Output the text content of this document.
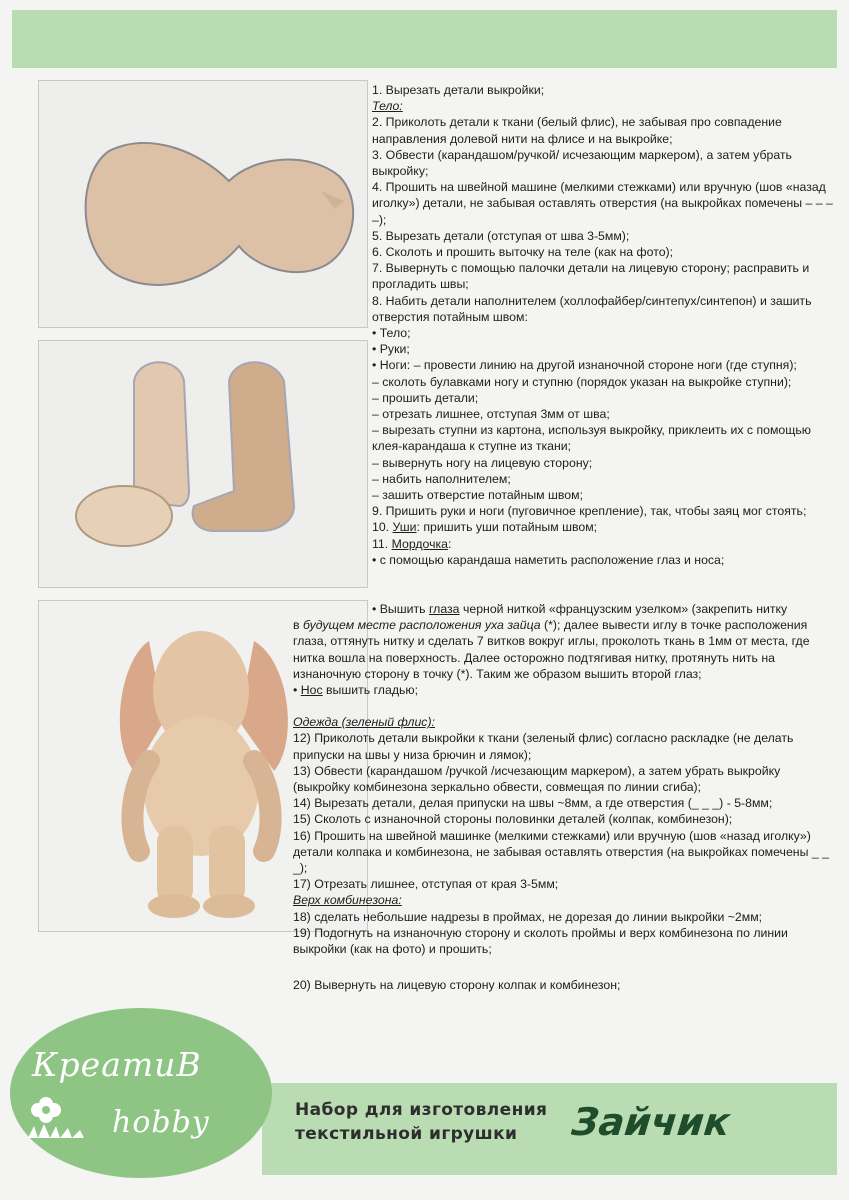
1. Вырезать детали выкройки;

Тело:

2. Приколоть детали к ткани (белый флис), не забывая про совпадение направления долевой нити на флисе и на выкройке;

3. Обвести (карандашом/ручкой/ исчезающим маркером), а затем убрать выкройку;

4. Прошить на швейной машине (мелкими стежками) или вручную (шов «назад иголку») детали, не забывая оставлять отверстия (на выкройках помечены – – – –);

5. Вырезать детали (отступая от шва 3-5мм);

6. Сколоть и прошить выточку на теле (как на фото);

7. Вывернуть с помощью палочки детали на лицевую сторону; расправить и прогладить швы;

8. Набить детали наполнителем (холлофайбер/синтепух/синтепон) и зашить отверстия потайным швом:

• Тело;

• Руки;

• Ноги: – провести линию на другой изнаночной стороне ноги (где ступня);

– сколоть булавками ногу и ступню (порядок указан на выкройке ступни);

– прошить детали;

– отрезать лишнее, отступая 3мм от шва;

– вырезать ступни из картона, используя выкройку, приклеить их с помощью клея-карандаша к ступне из ткани;

– вывернуть ногу на лицевую сторону;

– набить наполнителем;

– зашить отверстие потайным швом;

9. Пришить руки и ноги (пуговичное крепление), так, чтобы заяц мог стоять;

10. Уши: пришить уши потайным швом;

11. Мордочка:

• с помощью карандаша наметить расположение глаз и носа;

• Вышить глаза черной ниткой «французским узелком» (закрепить нитку
в будущем месте расположения уха зайца (*); далее вывести иглу в точке расположения глаза, оттянуть нитку и сделать 7 витков вокруг иглы, проколоть ткань в 1мм от места, где нитка вошла на поверхность. Далее осторожно подтягивая нитку, протянуть нить на изнаночную сторону в точку (*). Таким же образом вышить второй глаз;

• Нос вышить гладью;

Одежда (зеленый флис):

12) Приколоть детали выкройки к ткани (зеленый флис) согласно раскладке (не делать припуски на швы у низа брючин и лямок);

13) Обвести (карандашом /ручкой /исчезающим маркером), а затем убрать выкройку (выкройку комбинезона зеркально обвести, совмещая по линии сгиба);

14) Вырезать детали, делая припуски на швы ~8мм, а где отверстия (_ _ _) - 5-8мм;

15) Сколоть с изнаночной стороны половинки деталей (колпак, комбинезон);

16) Прошить на швейной машинке (мелкими стежками) или вручную (шов «назад иголку») детали колпака и комбинезона, не забывая оставлять отверстия (на выкройках помечены _ _ _);

17) Отрезать лишнее, отступая от края 3-5мм;

Верх комбинезона:

18) сделать небольшие надрезы в проймах, не дорезая до линии выкройки ~2мм;

19) Подогнуть на изнаночную сторону и сколоть проймы и верх комбинезона по линии выкройки (как на фото) и прошить;

20) Вывернуть на лицевую сторону колпак и комбинезон;

КреатиВ
hobby	Набор для изготовления
текстильной игрушки	Зайчик
